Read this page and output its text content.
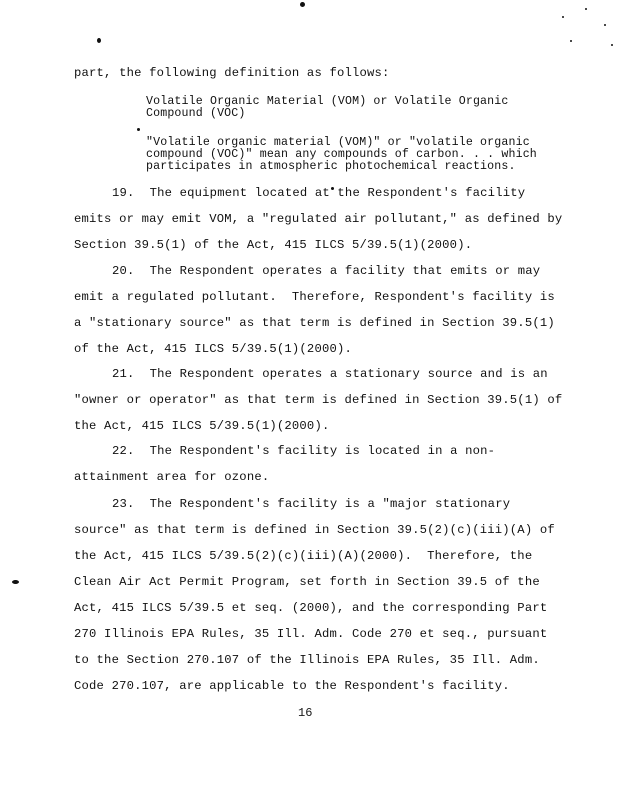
part, the following definition as follows:
Volatile Organic Material (VOM) or Volatile Organic
Compound (VOC)
"Volatile organic material (VOM)" or "volatile organic
compound (VOC)" mean any compounds of carbon. . . which
participates in atmospheric photochemical reactions.
19.  The equipment located at the Respondent's facility
emits or may emit VOM, a "regulated air pollutant," as defined by
Section 39.5(1) of the Act, 415 ILCS 5/39.5(1)(2000).
20.  The Respondent operates a facility that emits or may
emit a regulated pollutant.  Therefore, Respondent's facility is
a "stationary source" as that term is defined in Section 39.5(1)
of the Act, 415 ILCS 5/39.5(1)(2000).
21.  The Respondent operates a stationary source and is an
"owner or operator" as that term is defined in Section 39.5(1) of
the Act, 415 ILCS 5/39.5(1)(2000).
22.  The Respondent's facility is located in a non-
attainment area for ozone.
23.  The Respondent's facility is a "major stationary
source" as that term is defined in Section 39.5(2)(c)(iii)(A) of
the Act, 415 ILCS 5/39.5(2)(c)(iii)(A)(2000).  Therefore, the
Clean Air Act Permit Program, set forth in Section 39.5 of the
Act, 415 ILCS 5/39.5 et seq. (2000), and the corresponding Part
270 Illinois EPA Rules, 35 Ill. Adm. Code 270 et seq., pursuant
to the Section 270.107 of the Illinois EPA Rules, 35 Ill. Adm.
Code 270.107, are applicable to the Respondent's facility.
16
